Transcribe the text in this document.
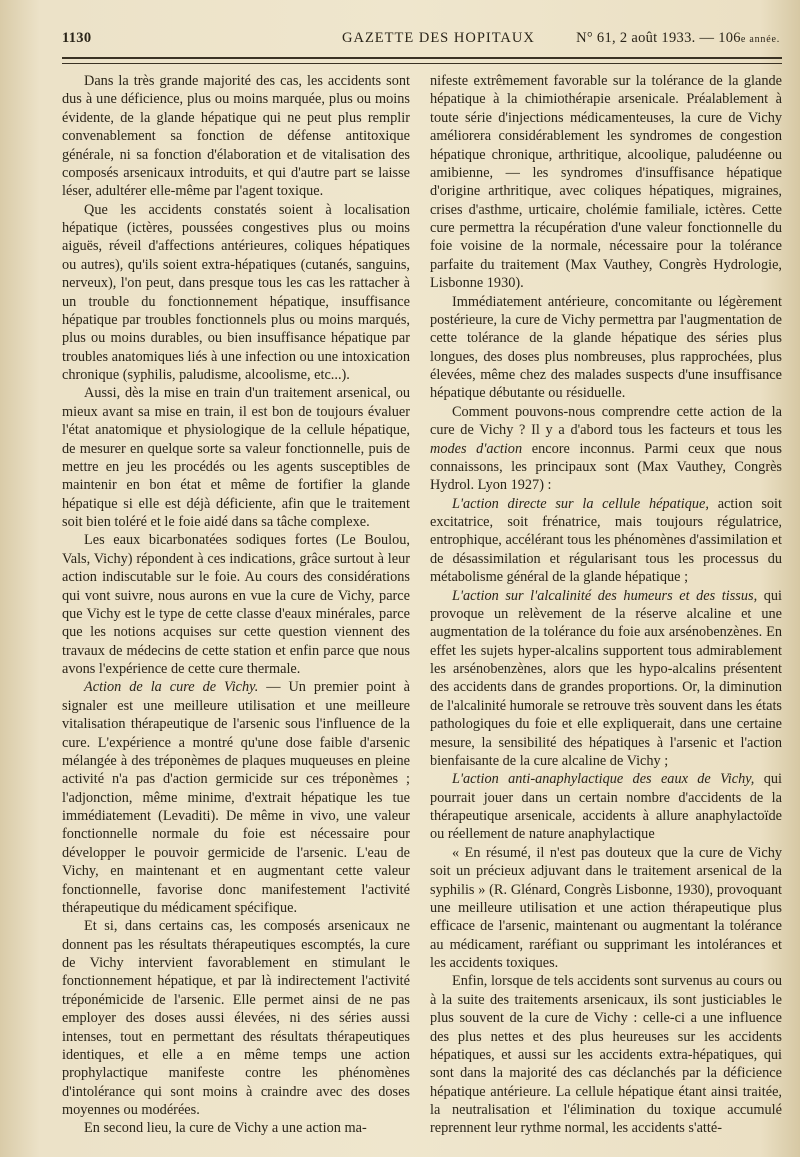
1130	GAZETTE DES HOPITAUX	N° 61, 2 août 1933. — 106e année.

Dans la très grande majorité des cas, les accidents sont dus à une déficience, plus ou moins marquée, plus ou moins évidente, de la glande hépatique qui ne peut plus remplir convenablement sa fonction de défense antitoxique générale, ni sa fonction d'élaboration et de vitalisation des composés arsenicaux introduits, et qui d'autre part se laisse léser, adultérer elle-même par l'agent toxique.

Que les accidents constatés soient à localisation hépatique (ictères, poussées congestives plus ou moins aiguës, réveil d'affections antérieures, coliques hépatiques ou autres), qu'ils soient extra-hépatiques (cutanés, sanguins, nerveux), l'on peut, dans presque tous les cas les rattacher à un trouble du fonctionnement hépatique, insuffisance hépatique par troubles fonctionnels plus ou moins marqués, plus ou moins durables, ou bien insuffisance hépatique par troubles anatomiques liés à une infection ou une intoxication chronique (syphilis, paludisme, alcoolisme, etc...).

Aussi, dès la mise en train d'un traitement arsenical, ou mieux avant sa mise en train, il est bon de toujours évaluer l'état anatomique et physiologique de la cellule hépatique, de mesurer en quelque sorte sa valeur fonctionnelle, puis de mettre en jeu les procédés ou les agents susceptibles de maintenir en bon état et même de fortifier la glande hépatique si elle est déjà déficiente, afin que le traitement soit bien toléré et le foie aidé dans sa tâche complexe.

Les eaux bicarbonatées sodiques fortes (Le Boulou, Vals, Vichy) répondent à ces indications, grâce surtout à leur action indiscutable sur le foie. Au cours des considérations qui vont suivre, nous aurons en vue la cure de Vichy, parce que Vichy est le type de cette classe d'eaux minérales, parce que les notions acquises sur cette question viennent des travaux de médecins de cette station et enfin parce que nous avons l'expérience de cette cure thermale.

Action de la cure de Vichy. — Un premier point à signaler est une meilleure utilisation et une meilleure vitalisation thérapeutique de l'arsenic sous l'influence de la cure. L'expérience a montré qu'une dose faible d'arsenic mélangée à des tréponèmes de plaques muqueuses en pleine activité n'a pas d'action germicide sur ces tréponèmes ; l'adjonction, même minime, d'extrait hépatique les tue immédiatement (Levaditi). De même in vivo, une valeur fonctionnelle normale du foie est nécessaire pour développer le pouvoir germicide de l'arsenic. L'eau de Vichy, en maintenant et en augmentant cette valeur fonctionnelle, favorise donc manifestement l'activité thérapeutique du médicament spécifique.

Et si, dans certains cas, les composés arsenicaux ne donnent pas les résultats thérapeutiques escomptés, la cure de Vichy intervient favorablement en stimulant le fonctionnement hépatique, et par là indirectement l'activité tréponémicide de l'arsenic. Elle permet ainsi de ne pas employer des doses aussi élevées, ni des séries aussi intenses, tout en permettant des résultats thérapeutiques identiques, et elle a en même temps une action prophylactique manifeste contre les phénomènes d'intolérance qui sont moins à craindre avec des doses moyennes ou modérées.

En second lieu, la cure de Vichy a une action ma-

nifeste extrêmement favorable sur la tolérance de la glande hépatique à la chimiothérapie arsenicale. Préalablement à toute série d'injections médicamenteuses, la cure de Vichy améliorera considérablement les syndromes de congestion hépatique chronique, arthritique, alcoolique, paludéenne ou amibienne, — les syndromes d'insuffisance hépatique d'origine arthritique, avec coliques hépatiques, migraines, crises d'asthme, urticaire, cholémie familiale, ictères. Cette cure permettra la récupération d'une valeur fonctionnelle du foie voisine de la normale, nécessaire pour la tolérance parfaite du traitement (Max Vauthey, Congrès Hydrologie, Lisbonne 1930).

Immédiatement antérieure, concomitante ou légèrement postérieure, la cure de Vichy permettra par l'augmentation de cette tolérance de la glande hépatique des séries plus longues, des doses plus nombreuses, plus rapprochées, plus élevées, même chez des malades suspects d'une insuffisance hépatique débutante ou résiduelle.

Comment pouvons-nous comprendre cette action de la cure de Vichy ? Il y a d'abord tous les facteurs et tous les modes d'action encore inconnus. Parmi ceux que nous connaissons, les principaux sont (Max Vauthey, Congrès Hydrol. Lyon 1927) :

L'action directe sur la cellule hépatique, action soit excitatrice, soit frénatrice, mais toujours régulatrice, entrophique, accélérant tous les phénomènes d'assimilation et de désassimilation et régularisant tous les processus du métabolisme général de la glande hépatique ;

L'action sur l'alcalinité des humeurs et des tissus, qui provoque un relèvement de la réserve alcaline et une augmentation de la tolérance du foie aux arsénobenzènes. En effet les sujets hyper-alcalins supportent tous admirablement les arsénobenzènes, alors que les hypo-alcalins présentent des accidents dans de grandes proportions. Or, la diminution de l'alcalinité humorale se retrouve très souvent dans les états pathologiques du foie et elle expliquerait, dans une certaine mesure, la sensibilité des hépatiques à l'arsenic et l'action bienfaisante de la cure alcaline de Vichy ;

L'action anti-anaphylactique des eaux de Vichy, qui pourrait jouer dans un certain nombre d'accidents de la thérapeutique arsenicale, accidents à allure anaphylactoïde ou réellement de nature anaphylactique

« En résumé, il n'est pas douteux que la cure de Vichy soit un précieux adjuvant dans le traitement arsenical de la syphilis » (R. Glénard, Congrès Lisbonne, 1930), provoquant une meilleure utilisation et une action thérapeutique plus efficace de l'arsenic, maintenant ou augmentant la tolérance au médicament, raréfiant ou supprimant les intolérances et les accidents toxiques.

Enfin, lorsque de tels accidents sont survenus au cours ou à la suite des traitements arsenicaux, ils sont justiciables le plus souvent de la cure de Vichy : celle-ci a une influence des plus nettes et des plus heureuses sur les accidents hépatiques, et aussi sur les accidents extra-hépatiques, qui sont dans la majorité des cas déclanchés par la déficience hépatique antérieure. La cellule hépatique étant ainsi traitée, la neutralisation et l'élimination du toxique accumulé reprennent leur rythme normal, les accidents s'atté-
